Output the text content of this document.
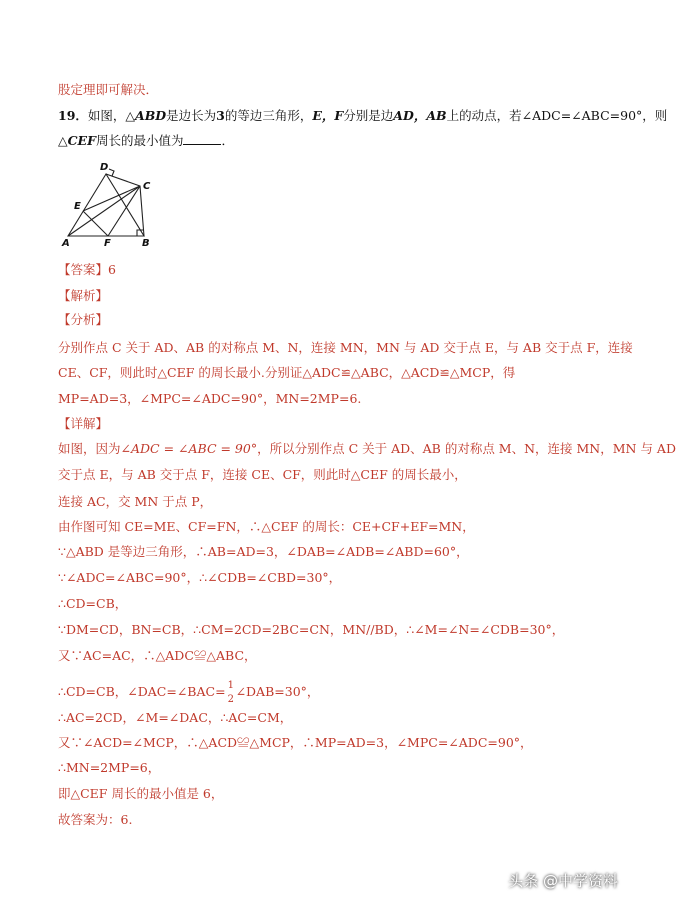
股定理即可解决．
19．如图，△ABD是边长为3的等边三角形，E，F分别是边AD，AB上的动点，若∠ADC=∠ABC=90°，则
△CEF周长的最小值为	．
D
C
E
A	F	B
【答案】6
【解析】
【分析】
分别作点 C 关于 AD、AB 的对称点 M、N，连接 MN，MN 与 AD 交于点 E，与 AB 交于点 F，连接
CE、CF，则此时△CEF 的周长最小.分别证△ADC≌△ABC，△ACD≌△MCP，得
MP=AD=3，∠MPC=∠ADC=90°，MN=2MP=6.
【详解】
如图，因为∠ADC = ∠ABC = 90°，所以分别作点 C 关于 AD、AB 的对称点 M、N，连接 MN，MN 与 AD
交于点 E，与 AB 交于点 F，连接 CE、CF，则此时△CEF 的周长最小，
连接 AC，交 MN 于点 P，
由作图可知 CE=ME、CF=FN，∴△CEF 的周长：CE+CF+EF=MN，
∵△ABD 是等边三角形，∴AB=AD=3，∠DAB=∠ADB=∠ABD=60°，
∵∠ADC=∠ABC=90°，∴∠CDB=∠CBD=30°，
∴CD=CB，
∵DM=CD，BN=CB，∴CM=2CD=2BC=CN，MN//BD，∴∠M=∠N=∠CDB=30°，
又∵AC=AC，∴△ADC≌△ABC，
∴CD=CB，∠DAC=∠BAC= 1
2
∠DAB=30°，
∴AC=2CD，∠M=∠DAC，∴AC=CM，
又∵∠ACD=∠MCP，∴△ACD≌△MCP，∴MP=AD=3，∠MPC=∠ADC=90°，
∴MN=2MP=6，
即△CEF 周长的最小值是 6，
故答案为：6.
头条 @中学资料
